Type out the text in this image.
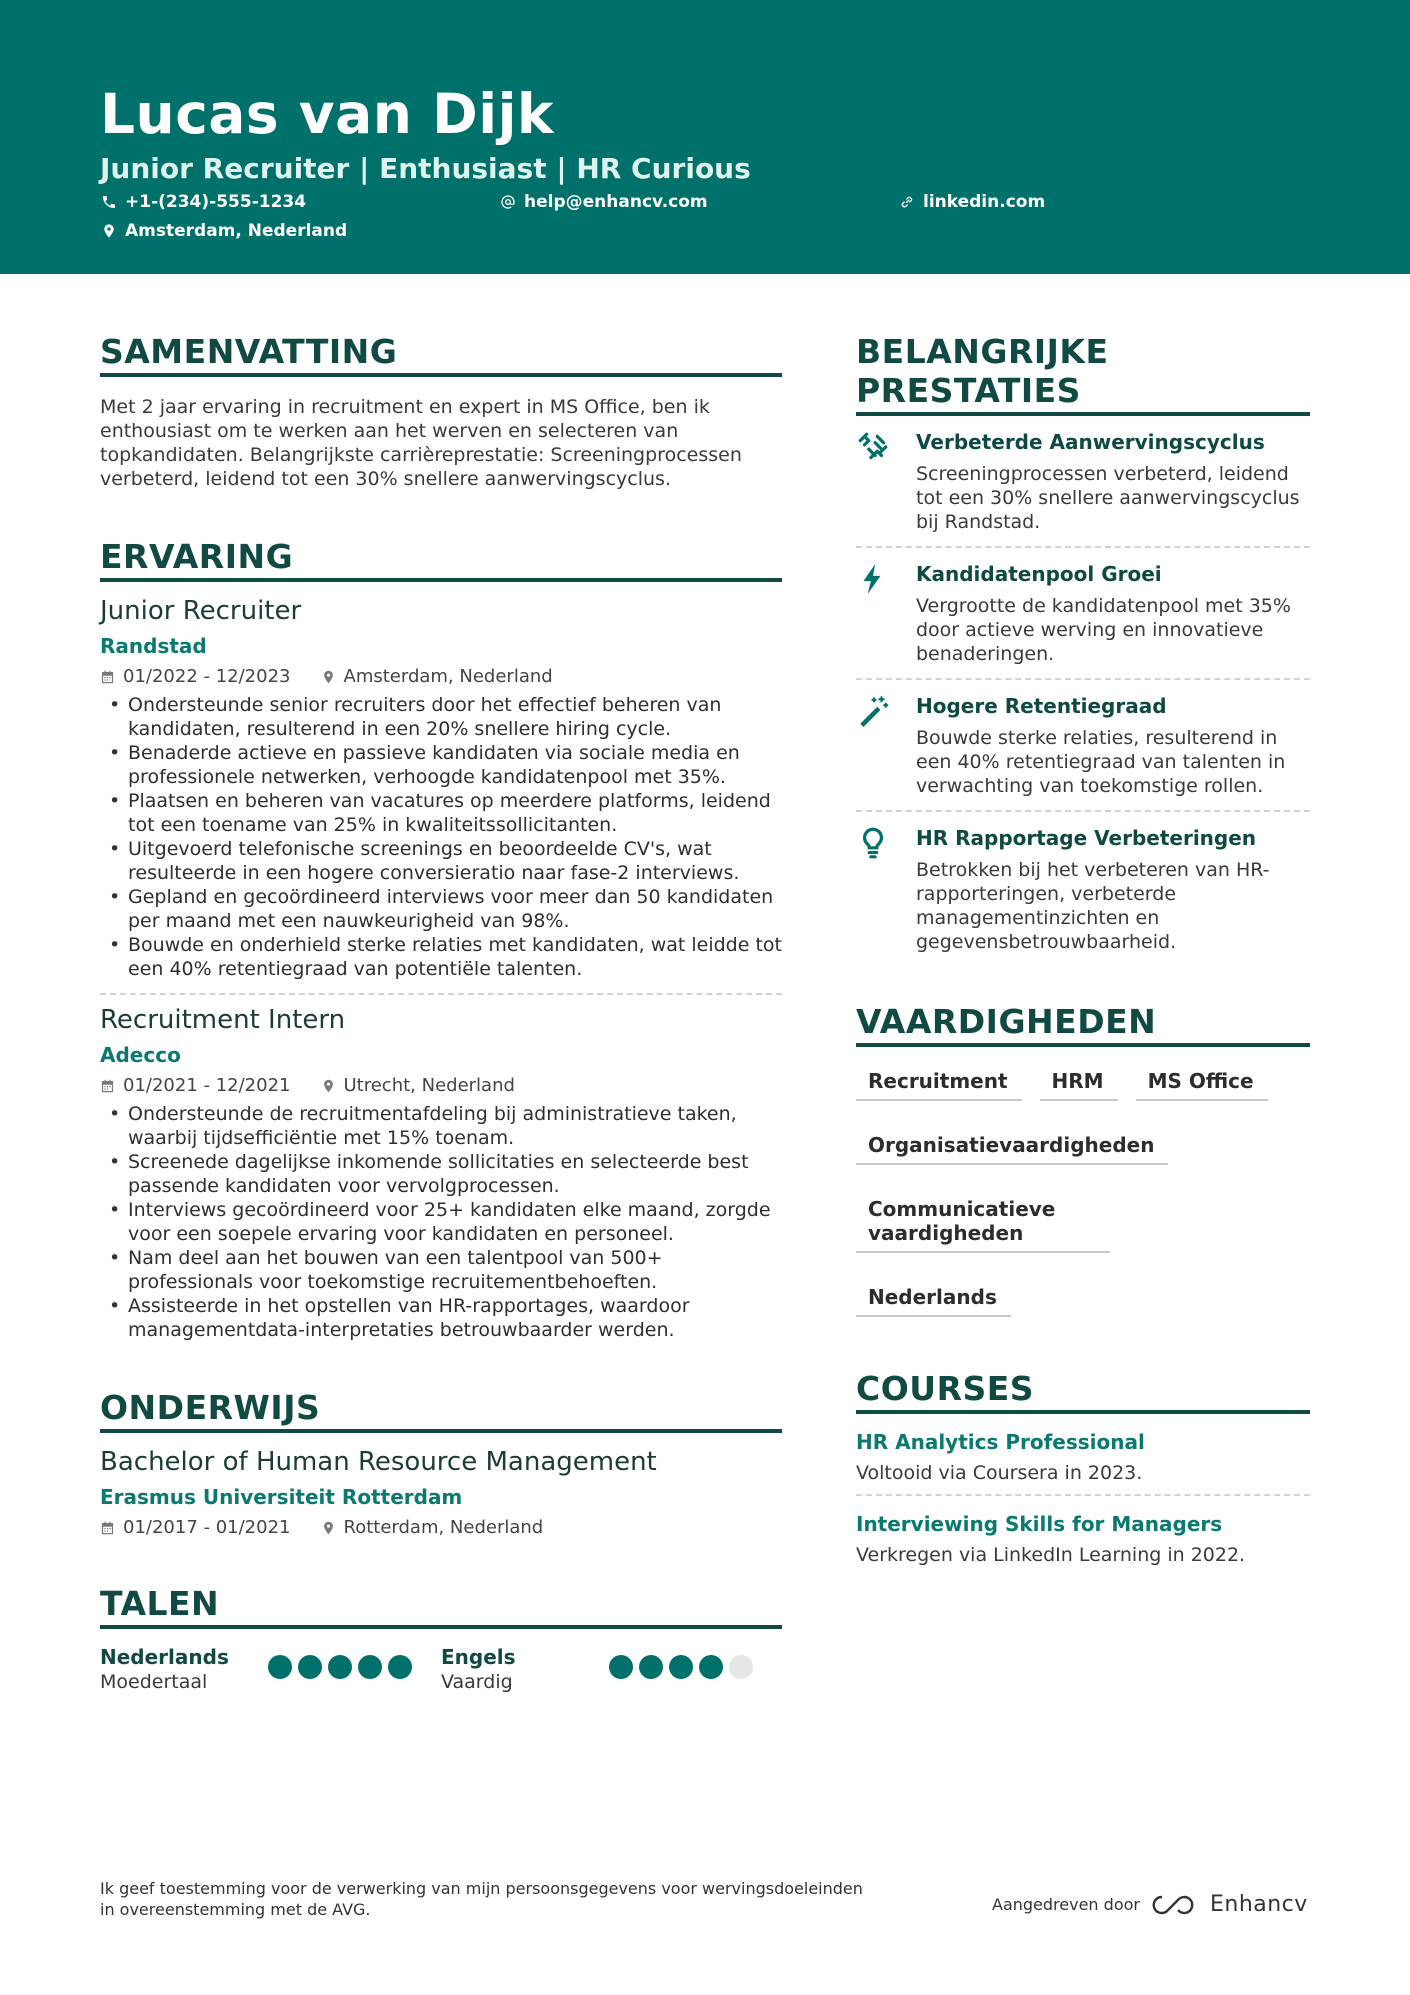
Lucas van Dijk
Junior Recruiter | Enthusiast | HR Curious
+1-(234)-555-1234	help@enhancv.com	linkedin.com
Amsterdam, Nederland
SAMENVATTING
Met 2 jaar ervaring in recruitment en expert in MS Office, ben ik enthousiast om te werken aan het werven en selecteren van topkandidaten. Belangrijkste carrièreprestatie: Screeningprocessen verbeterd, leidend tot een 30% snellere aanwervingscyclus.
ERVARING
Junior Recruiter
Randstad
01/2022 - 12/2023	Amsterdam, Nederland
• Ondersteunde senior recruiters door het effectief beheren van kandidaten, resulterend in een 20% snellere hiring cycle.
• Benaderde actieve en passieve kandidaten via sociale media en professionele netwerken, verhoogde kandidatenpool met 35%.
• Plaatsen en beheren van vacatures op meerdere platforms, leidend tot een toename van 25% in kwaliteitssollicitanten.
• Uitgevoerd telefonische screenings en beoordeelde CV's, wat resulteerde in een hogere conversieratio naar fase-2 interviews.
• Gepland en gecoördineerd interviews voor meer dan 50 kandidaten per maand met een nauwkeurigheid van 98%.
• Bouwde en onderhield sterke relaties met kandidaten, wat leidde tot een 40% retentiegraad van potentiële talenten.
Recruitment Intern
Adecco
01/2021 - 12/2021	Utrecht, Nederland
• Ondersteunde de recruitmentafdeling bij administratieve taken, waarbij tijdsefficiëntie met 15% toenam.
• Screenede dagelijkse inkomende sollicitaties en selecteerde best passende kandidaten voor vervolgprocessen.
• Interviews gecoördineerd voor 25+ kandidaten elke maand, zorgde voor een soepele ervaring voor kandidaten en personeel.
• Nam deel aan het bouwen van een talentpool van 500+ professionals voor toekomstige recruitementbehoeften.
• Assisteerde in het opstellen van HR-rapportages, waardoor managementdata-interpretaties betrouwbaarder werden.
ONDERWIJS
Bachelor of Human Resource Management
Erasmus Universiteit Rotterdam
01/2017 - 01/2021	Rotterdam, Nederland
TALEN
Nederlands
Moedertaal
Engels
Vaardig
BELANGRIJKE PRESTATIES
Verbeterde Aanwervingscyclus
Screeningprocessen verbeterd, leidend tot een 30% snellere aanwervingscyclus bij Randstad.
Kandidatenpool Groei
Vergrootte de kandidatenpool met 35% door actieve werving en innovatieve benaderingen.
Hogere Retentiegraad
Bouwde sterke relaties, resulterend in een 40% retentiegraad van talenten in verwachting van toekomstige rollen.
HR Rapportage Verbeteringen
Betrokken bij het verbeteren van HR-rapporteringen, verbeterde managementinzichten en gegevensbetrouwbaarheid.
VAARDIGHEDEN
Recruitment	HRM	MS Office
Organisatievaardigheden
Communicatieve vaardigheden
Nederlands
COURSES
HR Analytics Professional
Voltooid via Coursera in 2023.
Interviewing Skills for Managers
Verkregen via LinkedIn Learning in 2022.
Ik geef toestemming voor de verwerking van mijn persoonsgegevens voor wervingsdoeleinden in overeenstemming met de AVG.	Aangedreven door	Enhancv
